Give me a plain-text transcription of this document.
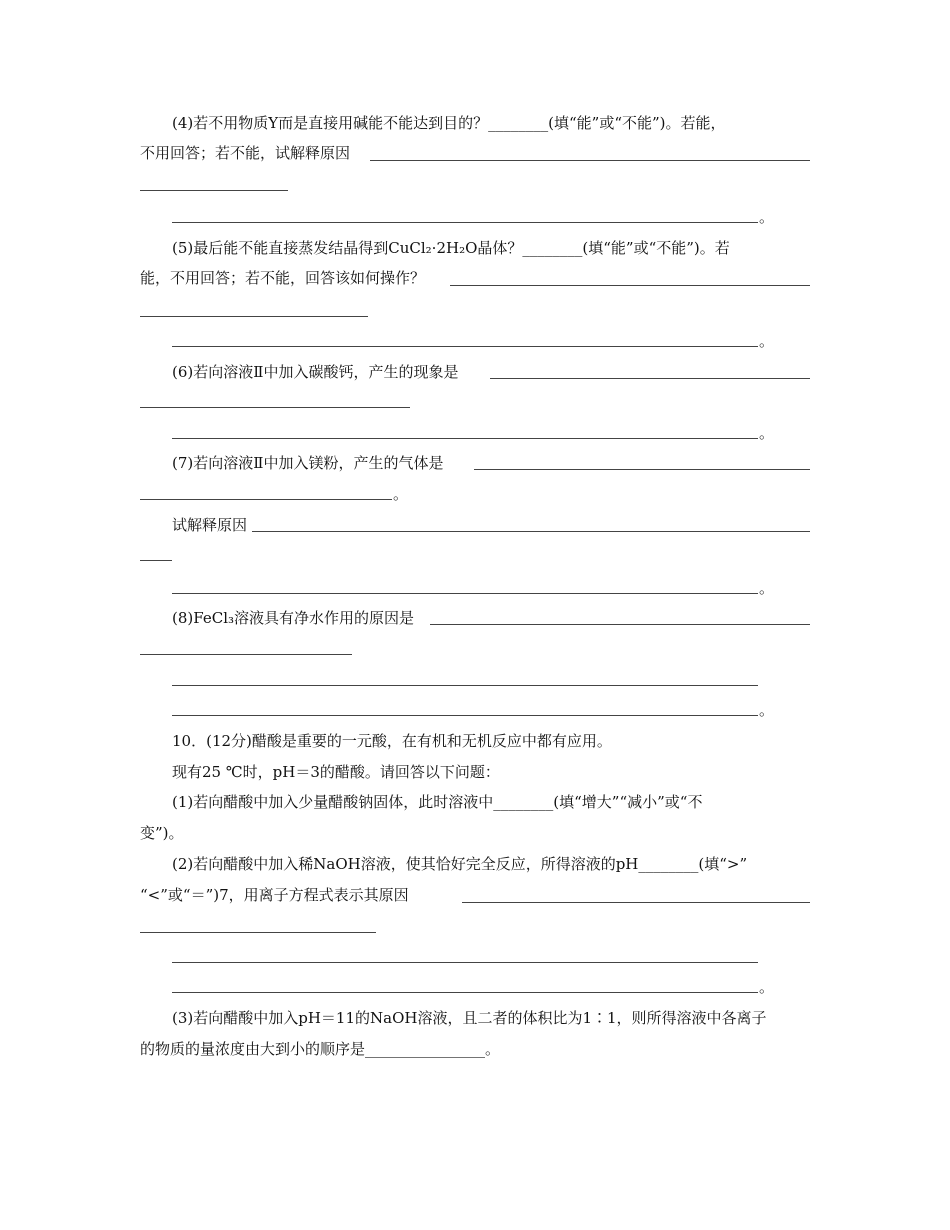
(4)若不用物质Y而是直接用碱能不能达到目的？________(填“能”或“不能”)。若能，
不用回答；若不能，试解释原因
。
(5)最后能不能直接蒸发结晶得到CuCl₂·2H₂O晶体？________(填“能”或“不能”)。若
能，不用回答；若不能，回答该如何操作？
。
(6)若向溶液Ⅱ中加入碳酸钙，产生的现象是
。
(7)若向溶液Ⅱ中加入镁粉，产生的气体是
。
试解释原因
。
(8)FeCl₃溶液具有净水作用的原因是
。
10．(12分)醋酸是重要的一元酸，在有机和无机反应中都有应用。
现有25 ℃时，pH＝3的醋酸。请回答以下问题：
(1)若向醋酸中加入少量醋酸钠固体，此时溶液中________(填“增大”“减小”或“不
变”)。
(2)若向醋酸中加入稀NaOH溶液，使其恰好完全反应，所得溶液的pH________(填“>”
“<”或“＝”)7，用离子方程式表示其原因
。
(3)若向醋酸中加入pH＝11的NaOH溶液，且二者的体积比为1∶1，则所得溶液中各离子
的物质的量浓度由大到小的顺序是________________。
